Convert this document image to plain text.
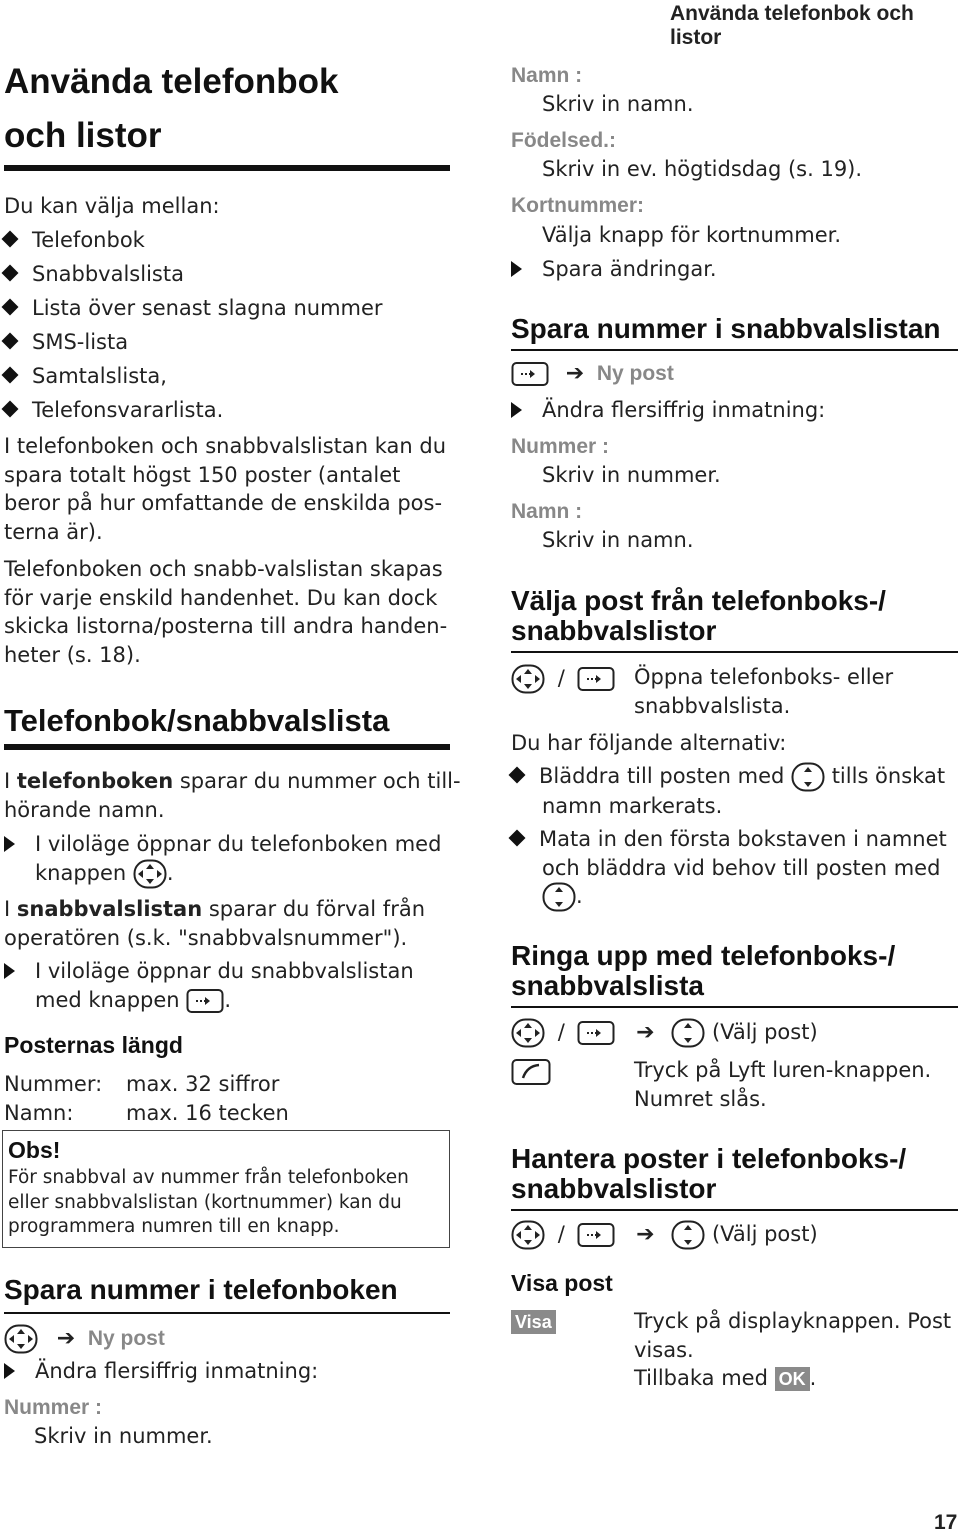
Använda telefonbok och listor
Använda telefonbok
och listor
Du kan välja mellan:
Telefonbok
Snabbvalslista
Lista över senast slagna nummer
SMS-lista
Samtalslista,
Telefonsvararlista.
I telefonboken och snabbvalslistan kan du
spara totalt högst 150 poster (antalet
beror på hur omfattande de enskilda pos-
terna är).
Telefonboken och snabb-valslistan skapas
för varje enskild handenhet. Du kan dock
skicka listorna/posterna till andra handen-
heter (s. 18).
Telefonbok/snabbvalslista
I telefonboken sparar du nummer och till-
hörande namn.
I viloläge öppnar du telefonboken med
knappen .
I snabbvalslistan sparar du förval från
operatören (s.k. "snabbvalsnummer").
I viloläge öppnar du snabbvalslistan
med knappen .
Posternas längd
Nummer: max. 32 siffror
Namn:	max. 16 tecken
Obs!
För snabbval av nummer från telefonboken
eller snabbvalslistan (kortnummer) kan du
programmera numren till en knapp.
Spara nummer i telefonboken
➔ Ny post
Ändra flersiffrig inmatning:
Nummer :
Skriv in nummer.
Namn :
Skriv in namn.
Födelsed.:
Skriv in ev. högtidsdag (s. 19).
Kortnummer:
Välja knapp för kortnummer.
Spara ändringar.
Spara nummer i snabbvalslistan
➔ Ny post
Ändra flersiffrig inmatning:
Nummer :
Skriv in nummer.
Namn :
Skriv in namn.
Välja post från telefonboks-/
snabbvalslistor
/	Öppna telefonboks- eller
snabbvalslista.
Du har följande alternativ:
Bläddra till posten med tills önskat
namn markerats.
Mata in den första bokstaven i namnet
och bläddra vid behov till posten med
.
Ringa upp med telefonboks-/
snabbvalslista
/	➔	(Välj post)
Tryck på Lyft luren-knappen.
Numret slås.
Hantera poster i telefonboks-/
snabbvalslistor
/	➔	(Välj post)
Visa post
Visa	Tryck på displayknappen. Post
visas.
Tillbaka med OK .
17
